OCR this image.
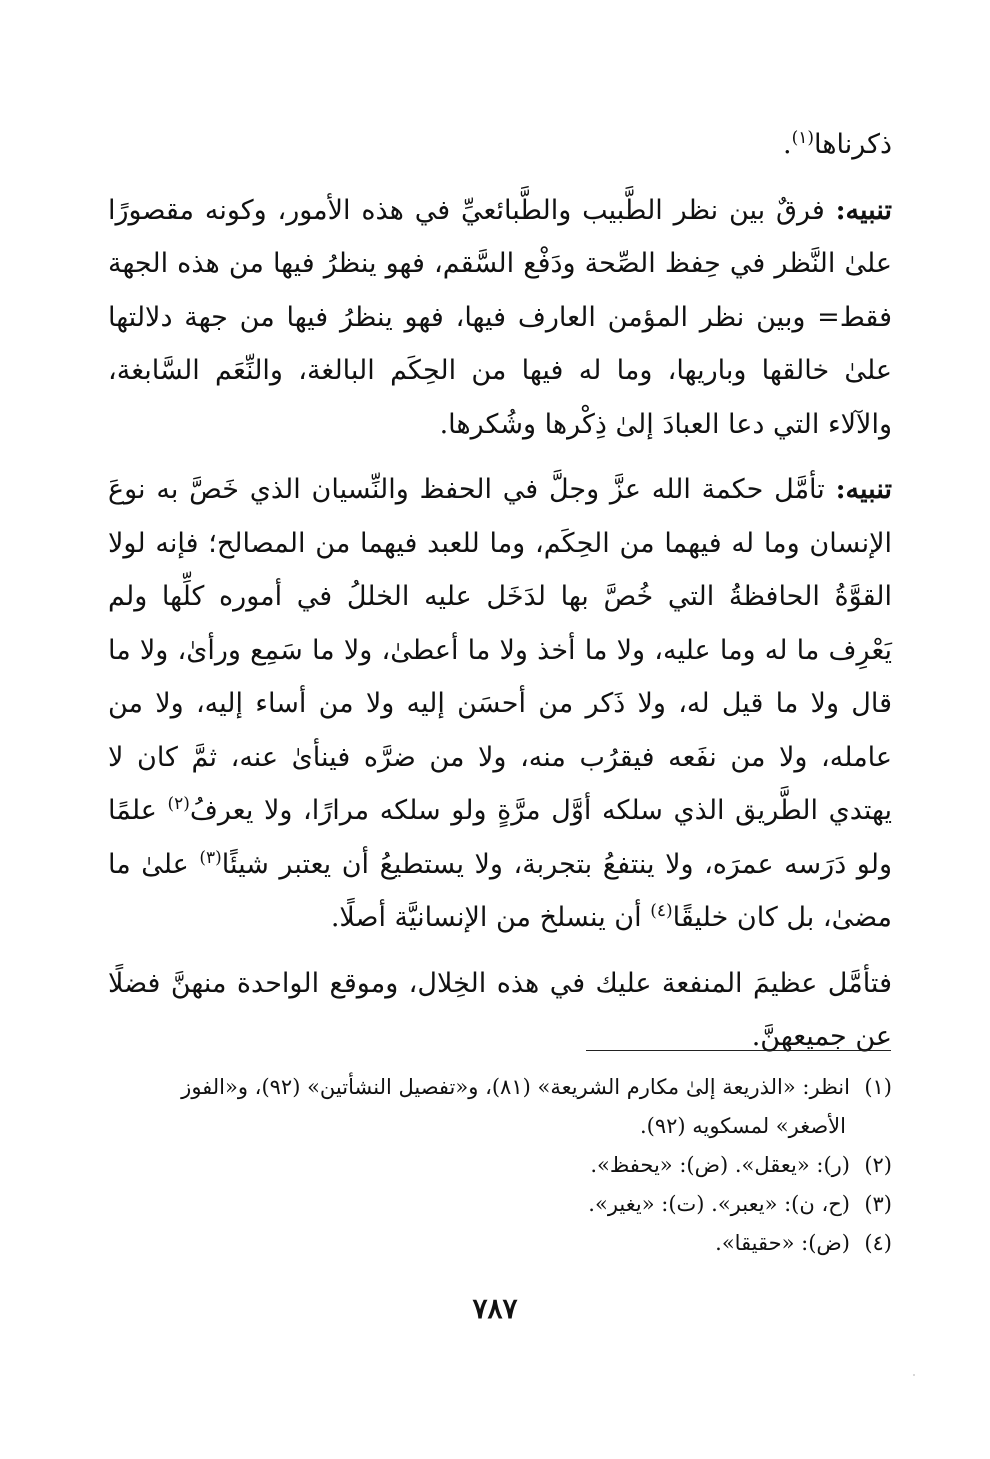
ذكرناها$^{(١)}$.

تنبيه: فرقٌ بين نظر الطَّبيب والطَّبائعيِّ في هذه الأمور، وكونه مقصورًا علىٰ النَّظر في حِفظ الصِّحة ودَفْع السَّقم، فهو ينظرُ فيها من هذه الجهة فقط= وبين نظر المؤمن العارف فيها، فهو ينظرُ فيها من جهة دلالتها علىٰ خالقها وباريها، وما له فيها من الحِكَم البالغة، والنِّعَم السَّابغة، والآلاء التي دعا العبادَ إلىٰ ذِكْرها وشُكرها.

تنبيه: تأمَّل حكمة الله عزَّ وجلَّ في الحفظ والنِّسيان الذي خَصَّ به نوعَ الإنسان وما له فيهما من الحِكَم، وما للعبد فيهما من المصالح؛ فإنه لولا القوَّةُ الحافظةُ التي خُصَّ بها لدَخَل عليه الخللُ في أموره كلِّها ولم يَعْرِف ما له وما عليه، ولا ما أخذ ولا ما أعطىٰ، ولا ما سَمِع ورأىٰ، ولا ما قال ولا ما قيل له، ولا ذَكر من أحسَن إليه ولا من أساء إليه، ولا من عامله، ولا من نفَعه فيقرُب منه، ولا من ضرَّه فينأىٰ عنه، ثمَّ كان لا يهتدي الطَّريق الذي سلكه أوَّل مرَّةٍ ولو سلكه مرارًا، ولا يعرفُ$^{(٢)}$ علمًا ولو دَرَسه عمرَه، ولا ينتفعُ بتجربة، ولا يستطيعُ أن يعتبر شيئًا$^{(٣)}$ علىٰ ما مضىٰ، بل كان خليقًا$^{(٤)}$ أن ينسلخ من الإنسانيَّة أصلًا.

فتأمَّل عظيمَ المنفعة عليك في هذه الخِلال، وموقع الواحدة منهنَّ فضلًا عن جميعهنَّ.

(١)انظر: «الذريعة إلىٰ مكارم الشريعة» (٨١)، و«تفصيل النشأتين» (٩٢)، و«الفوز

الأصغر» لمسكويه (٩٢).

(٢)(ر): «يعقل». (ض): «يحفظ».

(٣)(ح، ن): «يعبر». (ت): «يغير».

(٤)(ض): «حقيقا».

٧٨٧
